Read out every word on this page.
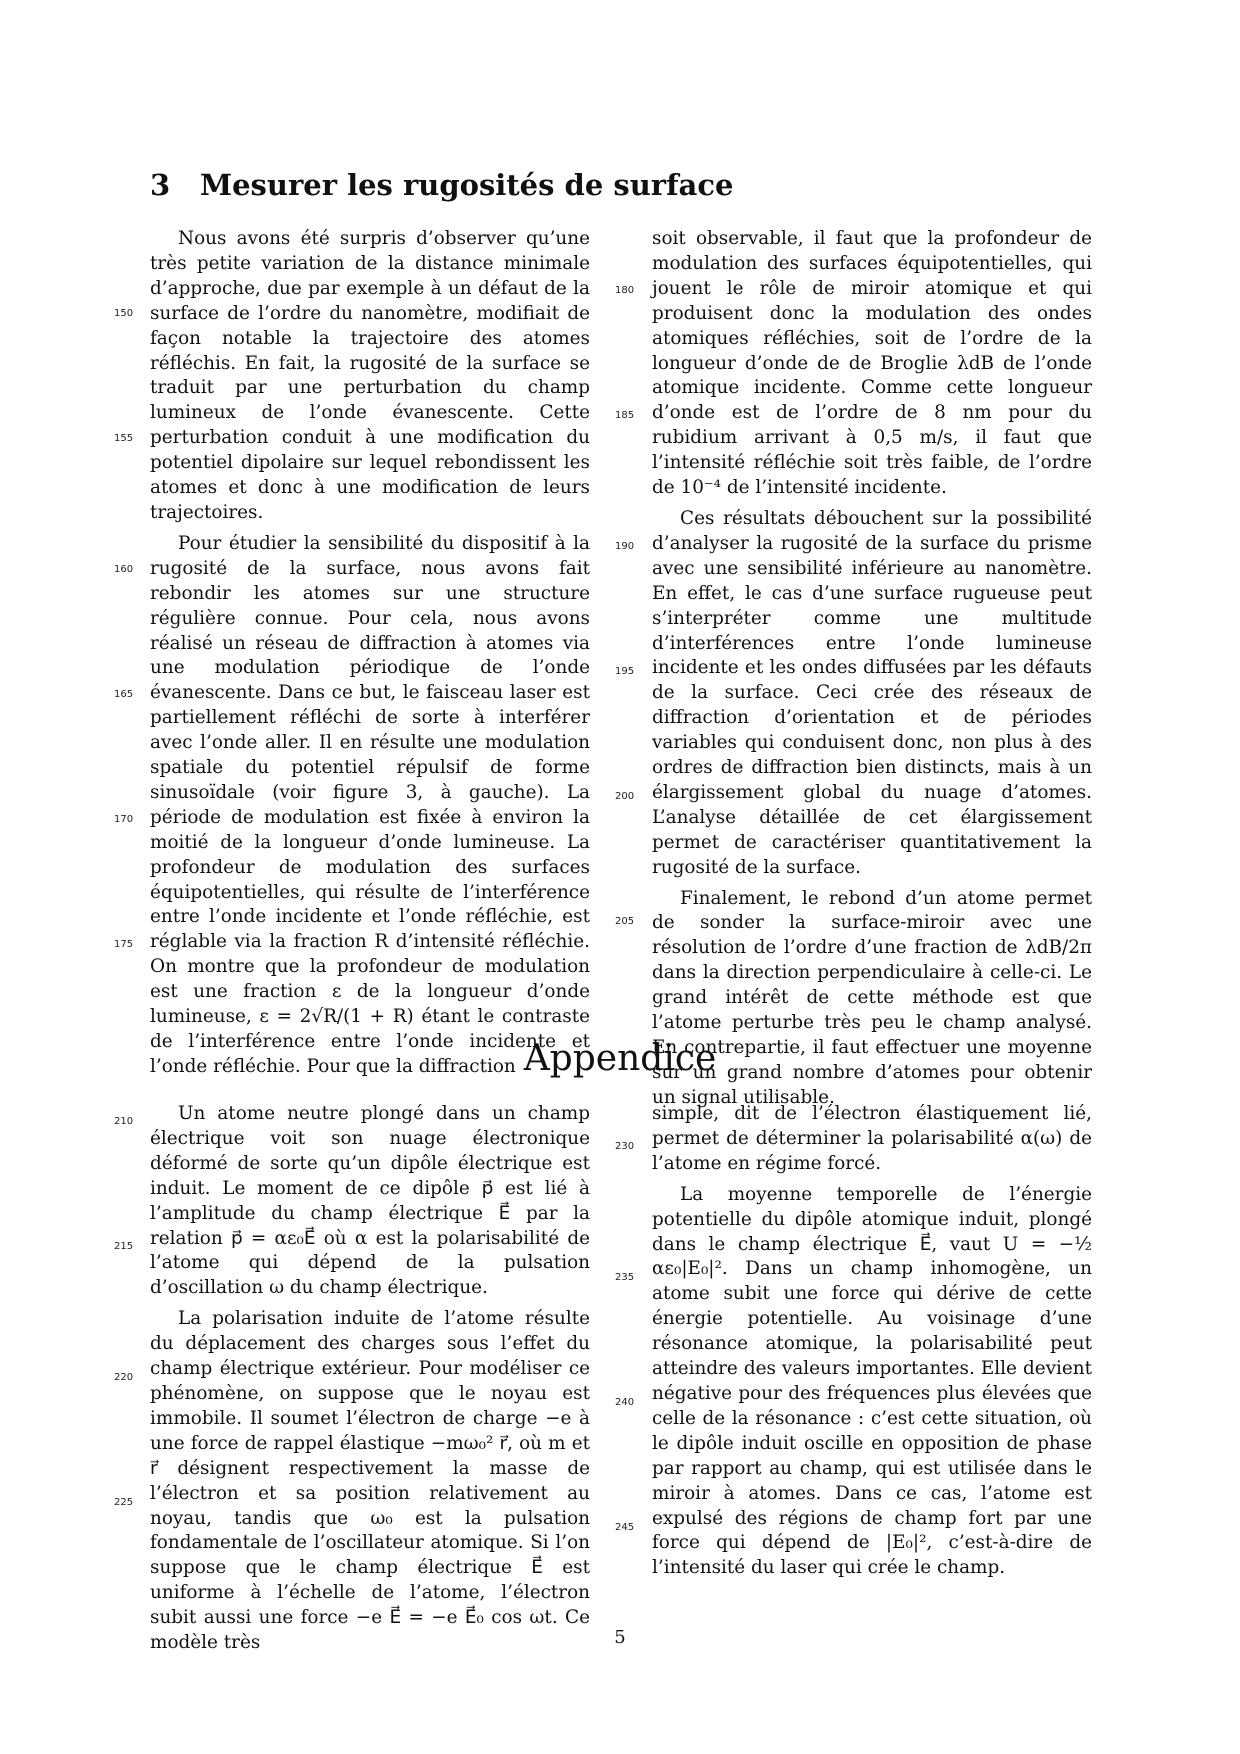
3 Mesurer les rugosités de surface

Nous avons été surpris d’observer qu’une très petite variation de la distance minimale d’approche, due par exemple à un défaut de la surface de l’ordre du nanomètre, modifiait de façon notable la trajectoire des atomes réfléchis. En fait, la rugosité de la surface se traduit par une perturbation du champ lumineux de l’onde évanescente. Cette perturbation conduit à une modification du potentiel dipolaire sur lequel rebondissent les atomes et donc à une modification de leurs trajectoires.

Pour étudier la sensibilité du dispositif à la rugosité de la surface, nous avons fait rebondir les atomes sur une structure régulière connue. Pour cela, nous avons réalisé un réseau de diffraction à atomes via une modulation périodique de l’onde évanescente. Dans ce but, le faisceau laser est partiellement réfléchi de sorte à interférer avec l’onde aller. Il en résulte une modulation spatiale du potentiel répulsif de forme sinusoïdale (voir figure 3, à gauche). La période de modulation est fixée à environ la moitié de la longueur d’onde lumineuse. La profondeur de modulation des surfaces équipotentielles, qui résulte de l’interférence entre l’onde incidente et l’onde réfléchie, est réglable via la fraction R d’intensité réfléchie. On montre que la profondeur de modulation est une fraction ε de la longueur d’onde lumineuse, ε = 2√R/(1 + R) étant le contraste de l’interférence entre l’onde incidente et l’onde réfléchie. Pour que la diffraction

soit observable, il faut que la profondeur de modulation des surfaces équipotentielles, qui jouent le rôle de miroir atomique et qui produisent donc la modulation des ondes atomiques réfléchies, soit de l’ordre de la longueur d’onde de de Broglie λdB de l’onde atomique incidente. Comme cette longueur d’onde est de l’ordre de 8 nm pour du rubidium arrivant à 0,5 m/s, il faut que l’intensité réfléchie soit très faible, de l’ordre de 10⁻⁴ de l’intensité incidente.

Ces résultats débouchent sur la possibilité d’analyser la rugosité de la surface du prisme avec une sensibilité inférieure au nanomètre. En effet, le cas d’une surface rugueuse peut s’interpréter comme une multitude d’interférences entre l’onde lumineuse incidente et les ondes diffusées par les défauts de la surface. Ceci crée des réseaux de diffraction d’orientation et de périodes variables qui conduisent donc, non plus à des ordres de diffraction bien distincts, mais à un élargissement global du nuage d’atomes. L’analyse détaillée de cet élargissement permet de caractériser quantitativement la rugosité de la surface.

Finalement, le rebond d’un atome permet de sonder la surface-miroir avec une résolution de l’ordre d’une fraction de λdB/2π dans la direction perpendiculaire à celle-ci. Le grand intérêt de cette méthode est que l’atome perturbe très peu le champ analysé. En contrepartie, il faut effectuer une moyenne sur un grand nombre d’atomes pour obtenir un signal utilisable.

Appendice

Un atome neutre plongé dans un champ électrique voit son nuage électronique déformé de sorte qu’un dipôle électrique est induit. Le moment de ce dipôle p⃗ est lié à l’amplitude du champ électrique E⃗ par la relation p⃗ = αε₀E⃗ où α est la polarisabilité de l’atome qui dépend de la pulsation d’oscillation ω du champ électrique.

La polarisation induite de l’atome résulte du déplacement des charges sous l’effet du champ électrique extérieur. Pour modéliser ce phénomène, on suppose que le noyau est immobile. Il soumet l’électron de charge −e à une force de rappel élastique −mω₀² r⃗, où m et r⃗ désignent respectivement la masse de l’électron et sa position relativement au noyau, tandis que ω₀ est la pulsation fondamentale de l’oscillateur atomique. Si l’on suppose que le champ électrique E⃗ est uniforme à l’échelle de l’atome, l’électron subit aussi une force −e E⃗ = −e E⃗₀ cos ωt. Ce modèle très

simple, dit de l’électron élastiquement lié, permet de déterminer la polarisabilité α(ω) de l’atome en régime forcé.

La moyenne temporelle de l’énergie potentielle du dipôle atomique induit, plongé dans le champ électrique E⃗, vaut U = −½ αε₀|E₀|². Dans un champ inhomogène, un atome subit une force qui dérive de cette énergie potentielle. Au voisinage d’une résonance atomique, la polarisabilité peut atteindre des valeurs importantes. Elle devient négative pour des fréquences plus élevées que celle de la résonance : c’est cette situation, où le dipôle induit oscille en opposition de phase par rapport au champ, qui est utilisée dans le miroir à atomes. Dans ce cas, l’atome est expulsé des régions de champ fort par une force qui dépend de |E₀|², c’est-à-dire de l’intensité du laser qui crée le champ.

150
155
160
165
170
175
180
185
190
195
200
205
210
215
220
225
230
235
240
245
5
